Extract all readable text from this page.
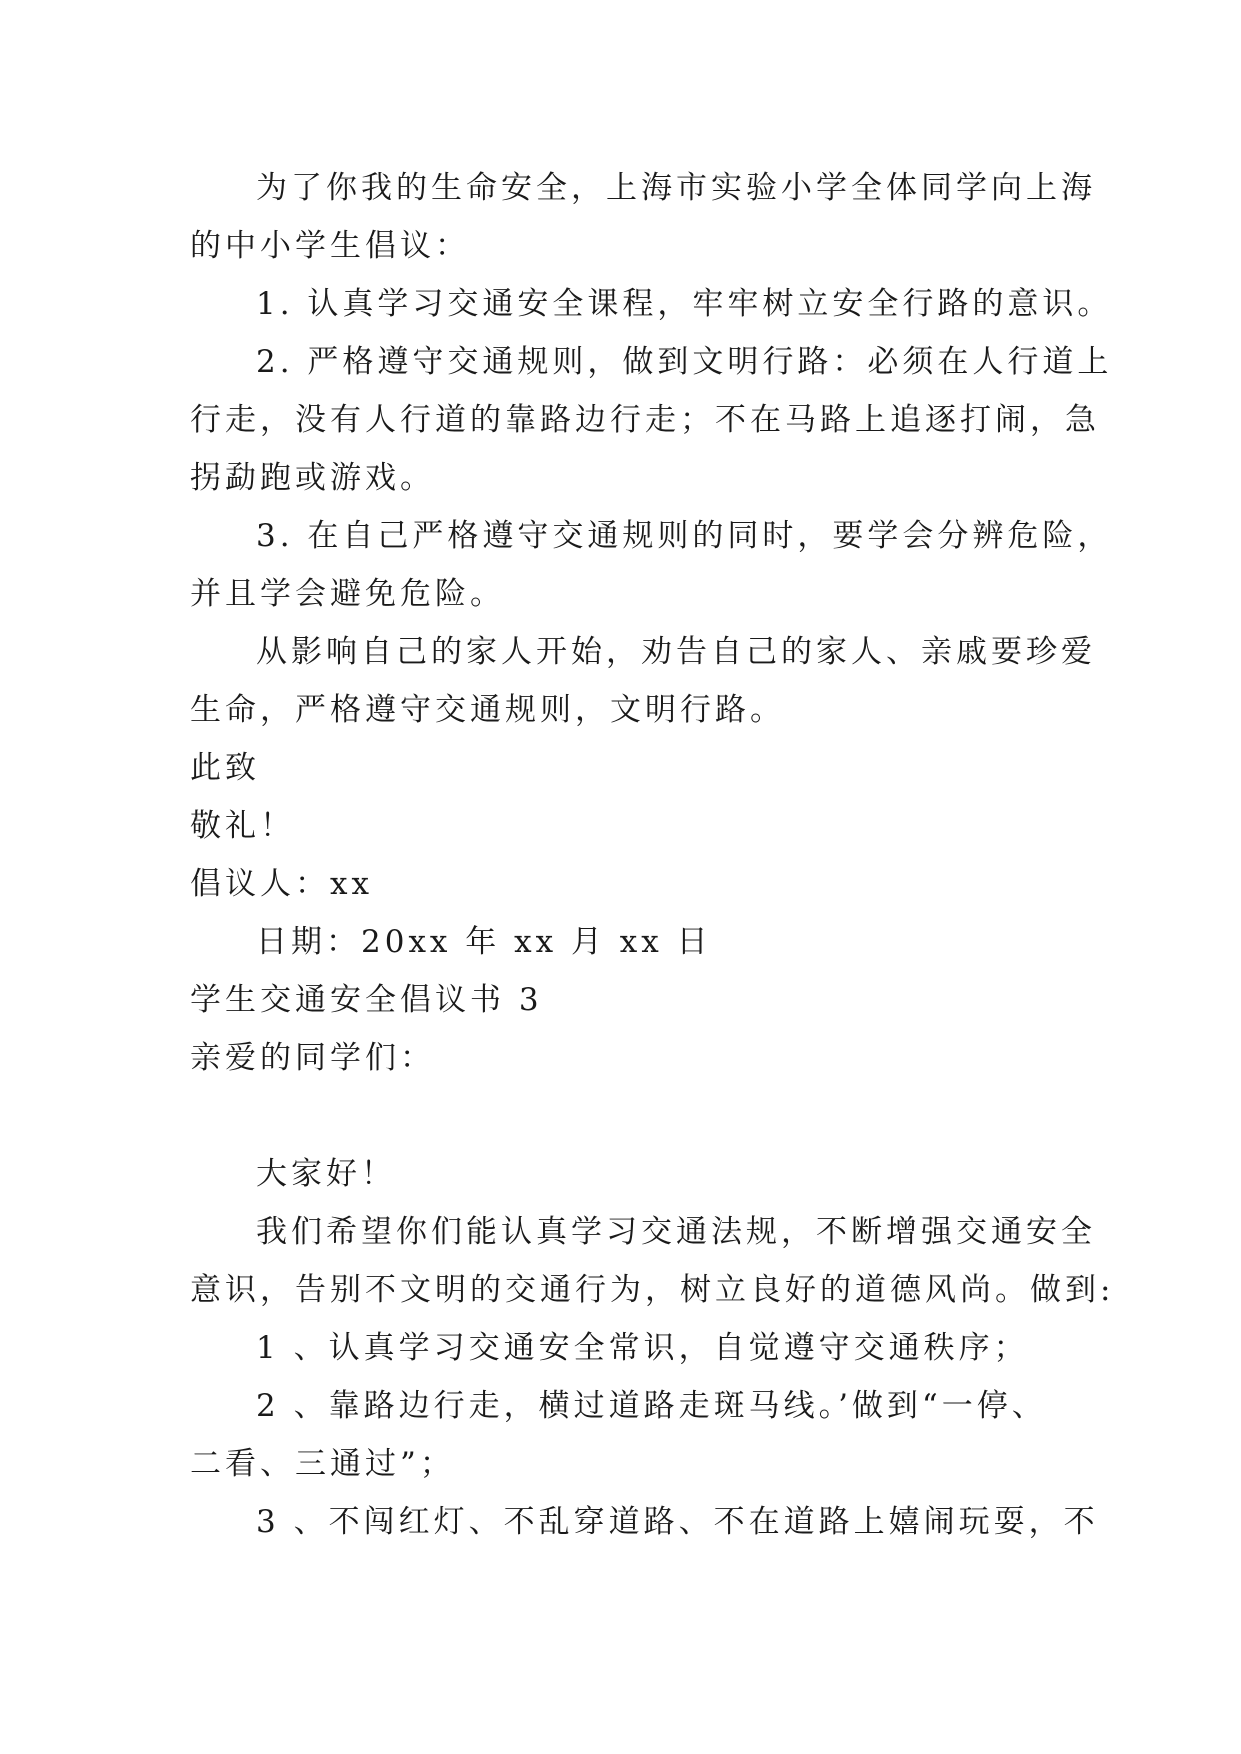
为了你我的生命安全，上海市实验小学全体同学向上海
的中小学生倡议：
1. 认真学习交通安全课程，牢牢树立安全行路的意识。
2. 严格遵守交通规则，做到文明行路：必须在人行道上
行走，没有人行道的靠路边行走；不在马路上追逐打闹，急
拐勐跑或游戏。
3. 在自己严格遵守交通规则的同时，要学会分辨危险，
并且学会避免危险。
从影响自己的家人开始，劝告自己的家人、亲戚要珍爱
生命，严格遵守交通规则，文明行路。
此致
敬礼！
倡议人：xx
日期：20xx 年 xx 月 xx 日
学生交通安全倡议书 3
亲爱的同学们：
大家好！
我们希望你们能认真学习交通法规，不断增强交通安全
意识，告别不文明的交通行为，树立良好的道德风尚。做到:
1 、认真学习交通安全常识，自觉遵守交通秩序；
2 、靠路边行走，横过道路走斑马线。’做到“一停、
二看、三通过”；
3 、不闯红灯、不乱穿道路、不在道路上嬉闹玩耍，不
